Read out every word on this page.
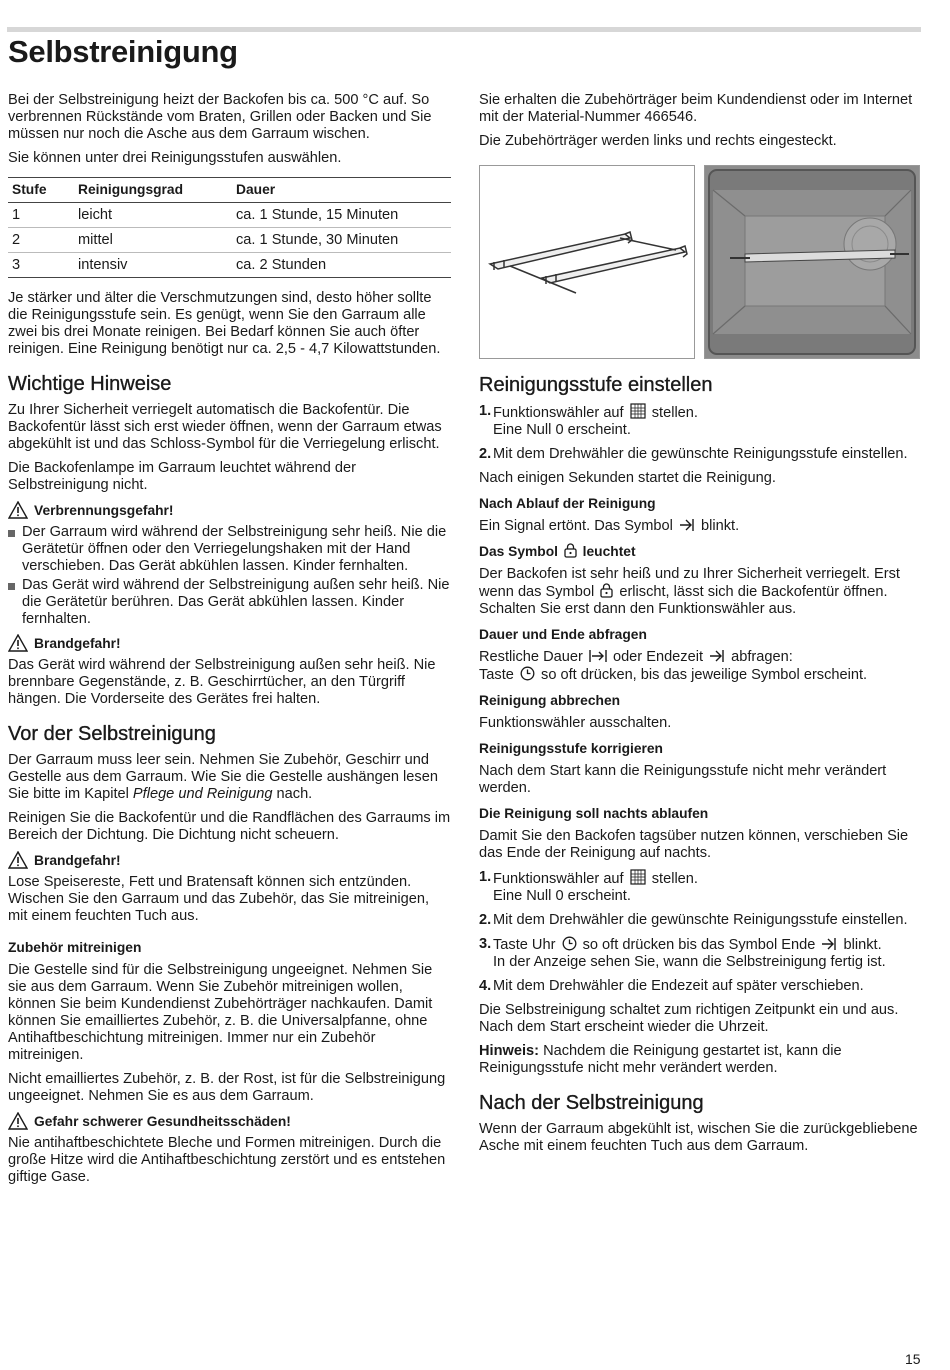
Selbstreinigung

Bei der Selbstreinigung heizt der Backofen bis ca. 500 °C auf. So verbrennen Rückstände vom Braten, Grillen oder Backen und Sie müssen nur noch die Asche aus dem Garraum wischen.

Sie können unter drei Reinigungsstufen auswählen.

Stufe	Reinigungsgrad	Dauer
1	leicht	ca. 1 Stunde, 15 Minuten
2	mittel	ca. 1 Stunde, 30 Minuten
3	intensiv	ca. 2 Stunden

Je stärker und älter die Verschmutzungen sind, desto höher sollte die Reinigungsstufe sein. Es genügt, wenn Sie den Garraum alle zwei bis drei Monate reinigen. Bei Bedarf können Sie auch öfter reinigen. Eine Reinigung benötigt nur ca. 2,5 - 4,7 Kilowattstunden.

Wichtige Hinweise

Zu Ihrer Sicherheit verriegelt automatisch die Backofentür. Die Backofentür lässt sich erst wieder öffnen, wenn der Garraum etwas abgekühlt ist und das Schloss-Symbol für die Verriegelung erlischt.

Die Backofenlampe im Garraum leuchtet während der Selbstreinigung nicht.

Verbrennungsgefahr!
Der Garraum wird während der Selbstreinigung sehr heiß. Nie die Gerätetür öffnen oder den Verriegelungshaken mit der Hand verschieben. Das Gerät abkühlen lassen. Kinder fernhalten.
Das Gerät wird während der Selbstreinigung außen sehr heiß. Nie die Gerätetür berühren. Das Gerät abkühlen lassen. Kinder fernhalten.
Brandgefahr!

Das Gerät wird während der Selbstreinigung außen sehr heiß. Nie brennbare Gegenstände, z. B. Geschirrtücher, an den Türgriff hängen. Die Vorderseite des Gerätes frei halten.

Vor der Selbstreinigung

Der Garraum muss leer sein. Nehmen Sie Zubehör, Geschirr und Gestelle aus dem Garraum. Wie Sie die Gestelle aushängen lesen Sie bitte im Kapitel Pflege und Reinigung nach.

Reinigen Sie die Backofentür und die Randflächen des Garraums im Bereich der Dichtung. Die Dichtung nicht scheuern.

Brandgefahr!

Lose Speisereste, Fett und Bratensaft können sich entzünden. Wischen Sie den Garraum und das Zubehör, das Sie mitreinigen, mit einem feuchten Tuch aus.

Zubehör mitreinigen

Die Gestelle sind für die Selbstreinigung ungeeignet. Nehmen Sie sie aus dem Garraum. Wenn Sie Zubehör mitreinigen wollen, können Sie beim Kundendienst Zubehörträger nachkaufen. Damit können Sie emailliertes Zubehör, z. B. die Universalpfanne, ohne Antihaftbeschichtung mitreinigen. Immer nur ein Zubehör mitreinigen.

Nicht emailliertes Zubehör, z. B. der Rost, ist für die Selbstreinigung ungeeignet. Nehmen Sie es aus dem Garraum.

Gefahr schwerer Gesundheitsschäden!

Nie antihaftbeschichtete Bleche und Formen mitreinigen. Durch die große Hitze wird die Antihaftbeschichtung zerstört und es entstehen giftige Gase.

Sie erhalten die Zubehörträger beim Kundendienst oder im Internet mit der Material-Nummer 466546.

Die Zubehörträger werden links und rechts eingesteckt.

Reinigungsstufe einstellen
1. Funktionswähler auf stellen.
Eine Null 0 erscheint.
2. Mit dem Drehwähler die gewünschte Reinigungsstufe einstellen.

Nach einigen Sekunden startet die Reinigung.

Nach Ablauf der Reinigung

Ein Signal ertönt. Das Symbol blinkt.

Das Symbol leuchtet

Der Backofen ist sehr heiß und zu Ihrer Sicherheit verriegelt. Erst wenn das Symbol erlischt, lässt sich die Backofentür öffnen. Schalten Sie erst dann den Funktionswähler aus.

Dauer und Ende abfragen

Restliche Dauer oder Endezeit abfragen:
Taste so oft drücken, bis das jeweilige Symbol erscheint.

Reinigung abbrechen

Funktionswähler ausschalten.

Reinigungsstufe korrigieren

Nach dem Start kann die Reinigungsstufe nicht mehr verändert werden.

Die Reinigung soll nachts ablaufen

Damit Sie den Backofen tagsüber nutzen können, verschieben Sie das Ende der Reinigung auf nachts.

1. Funktionswähler auf stellen.
Eine Null 0 erscheint.
2. Mit dem Drehwähler die gewünschte Reinigungsstufe einstellen.
3. Taste Uhr so oft drücken bis das Symbol Ende blinkt.
In der Anzeige sehen Sie, wann die Selbstreinigung fertig ist.
4. Mit dem Drehwähler die Endezeit auf später verschieben.

Die Selbstreinigung schaltet zum richtigen Zeitpunkt ein und aus. Nach dem Start erscheint wieder die Uhrzeit.

Hinweis: Nachdem die Reinigung gestartet ist, kann die Reinigungsstufe nicht mehr verändert werden.

Nach der Selbstreinigung

Wenn der Garraum abgekühlt ist, wischen Sie die zurückgebliebene Asche mit einem feuchten Tuch aus dem Garraum.

15
